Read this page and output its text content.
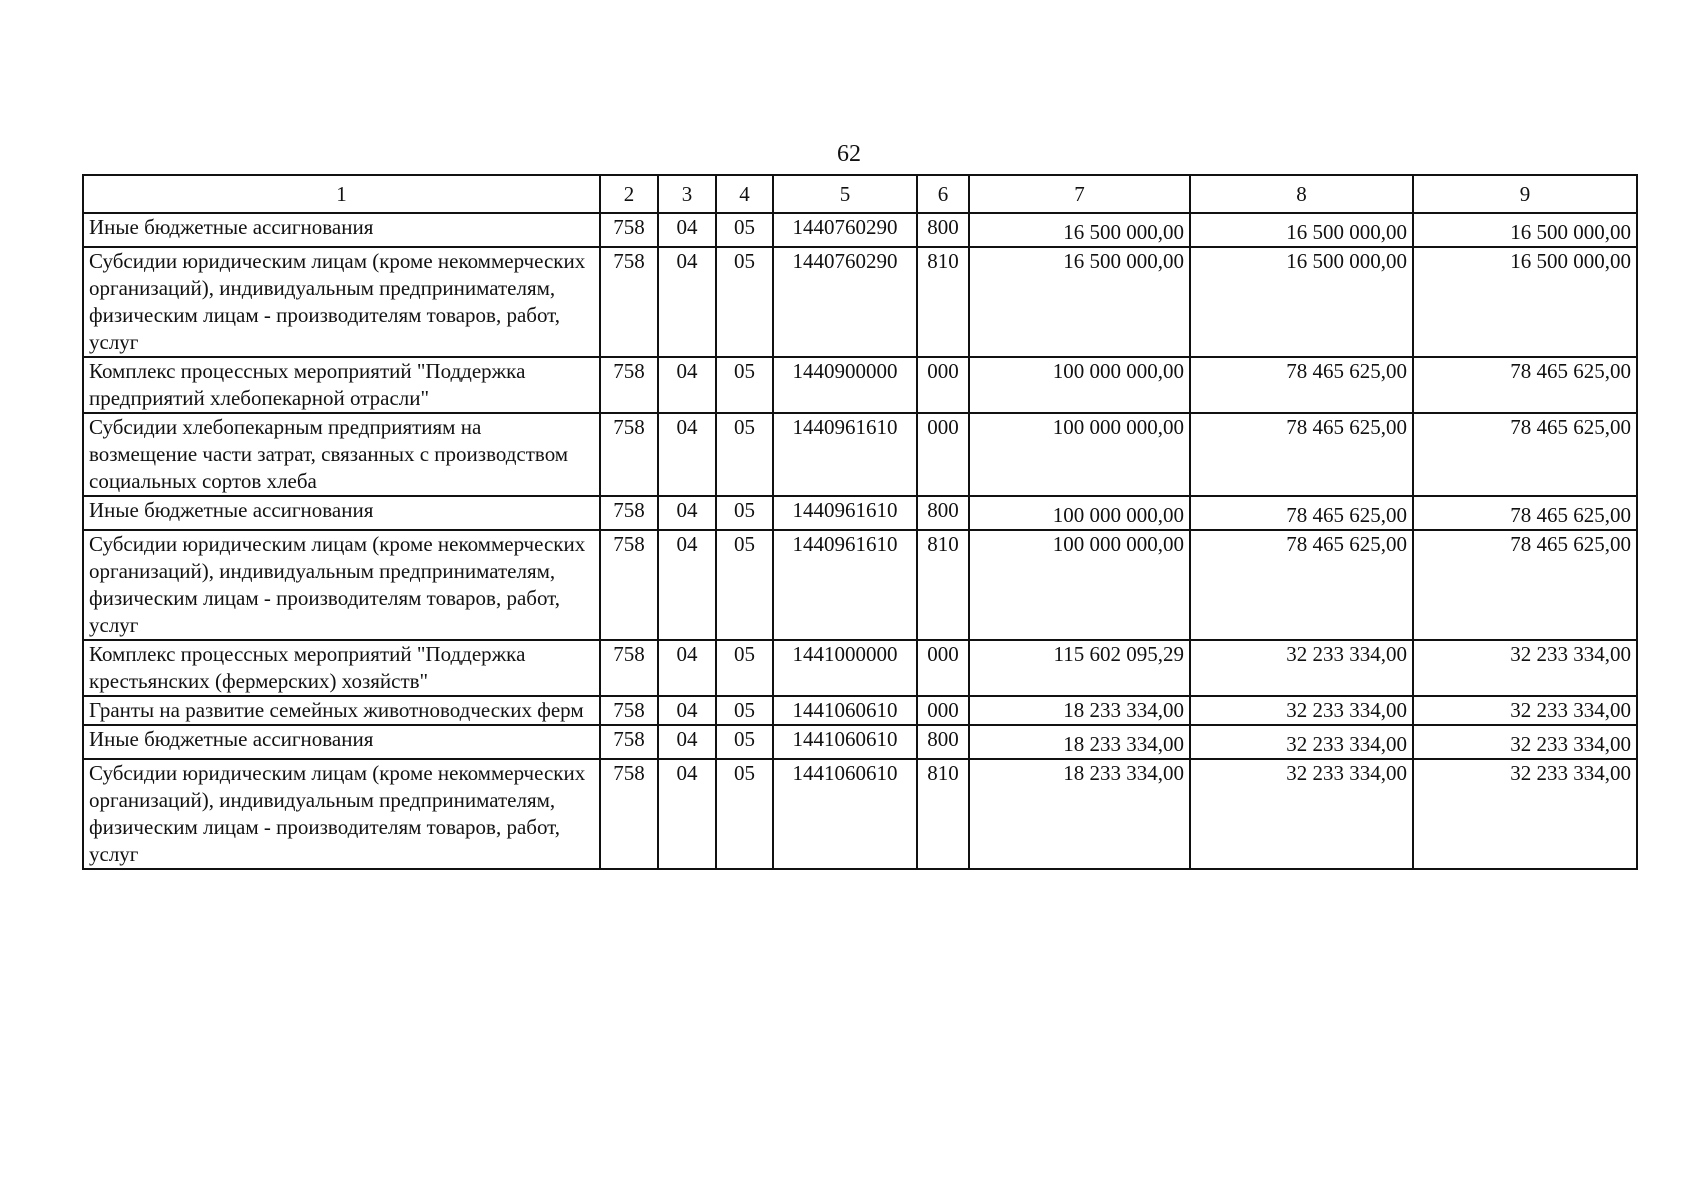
62
1	2	3	4	5	6	7	8	9
Иные бюджетные ассигнования	758	04	05	1440760290	800	16 500 000,00	16 500 000,00	16 500 000,00
Субсидии юридическим лицам (кроме некоммерческих организаций), индивидуальным предпринимателям, физическим лицам - производителям товаров, работ, услуг	758	04	05	1440760290	810	16 500 000,00	16 500 000,00	16 500 000,00
Комплекс процессных мероприятий "Поддержка предприятий хлебопекарной отрасли"	758	04	05	1440900000	000	100 000 000,00	78 465 625,00	78 465 625,00
Субсидии хлебопекарным предприятиям на возмещение части затрат, связанных с производством социальных сортов хлеба	758	04	05	1440961610	000	100 000 000,00	78 465 625,00	78 465 625,00
Иные бюджетные ассигнования	758	04	05	1440961610	800	100 000 000,00	78 465 625,00	78 465 625,00
Субсидии юридическим лицам (кроме некоммерческих организаций), индивидуальным предпринимателям, физическим лицам - производителям товаров, работ, услуг	758	04	05	1440961610	810	100 000 000,00	78 465 625,00	78 465 625,00
Комплекс процессных мероприятий "Поддержка крестьянских (фермерских) хозяйств"	758	04	05	1441000000	000	115 602 095,29	32 233 334,00	32 233 334,00
Гранты на развитие семейных животноводческих ферм	758	04	05	1441060610	000	18 233 334,00	32 233 334,00	32 233 334,00
Иные бюджетные ассигнования	758	04	05	1441060610	800	18 233 334,00	32 233 334,00	32 233 334,00
Субсидии юридическим лицам (кроме некоммерческих организаций), индивидуальным предпринимателям, физическим лицам - производителям товаров, работ, услуг	758	04	05	1441060610	810	18 233 334,00	32 233 334,00	32 233 334,00
